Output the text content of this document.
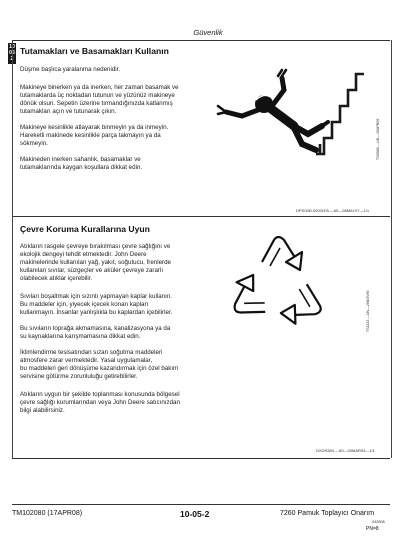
Güvenlik
10
05
2
Tutamakları ve Basamakları Kullanın
Düşme başlıca yaralanma nedenidir.
Makineye binerken ya da inerken, her zaman basamak ve
tutamaklarda üç noktadan tutunun ve yüzünüz makineye
dönük olsun. Sepetin üzerine tırmandığınızda katlanmış
tutamakları açın ve tutunarak çıkın.
Makineye kesinlikle atlayarak binmeyin ya da inmeyin.
Hareketli makinede kesinlikle parça takmayın ya da
sökmeyin.
Makineden inerken sahanlık, basamaklar ve
tutamaklarında kaygan koşullara dikkat edin.
TS6588 —UN—15APR09
DPSG80,00001FA —60—08MAY07—1/1
Çevre Koruma Kurallarına Uyun
Atıkların rasgele çevreye bırakılması çevre sağlığını ve
ekolojik dengeyi tehdit etmektedir. John Deere
makinelerinde kullanılan yağ, yakıt, soğutucu, frenlerde
kullanılan sıvılar, süzgeçler ve aküler çevreye zararlı
olabilecek atıklar içerebilir.
Sıvıları boşaltmak için sızıntı yapmayan kaplar kullanın.
Bu maddeler için, yiyecek içecek konan kapları
kullanmayın. İnsanlar yanlışlıkla bu kaplardan içebilirler.
Bu sıvıların toprağa akmamasına, kanalizasyona ya da
su kaynaklarına karışmamasına dikkat edin.
İklimlendirme tesisatından sızan soğutma maddeleri
atmosfere zarar vermektedir. Yasal uygulamalar,
bu maddeleri geri dönüşüme kazandırmak için özel bakım
servisine götürme zorunluluğu getirebilirler.
Atıkların uygun bir şekilde toplanması konusunda bölgesel
çevre sağlığı kurumlarından veya John Deere satıcınızdan
bilgi alabilirsiniz.
TS1133 —UN—26NOV90
DXDRAIN —60—03MAR93—1/1
TM102080 (17APR08)	10-05-2	7260 Pamuk Toplayıcı Onarım
042808
PN=8
